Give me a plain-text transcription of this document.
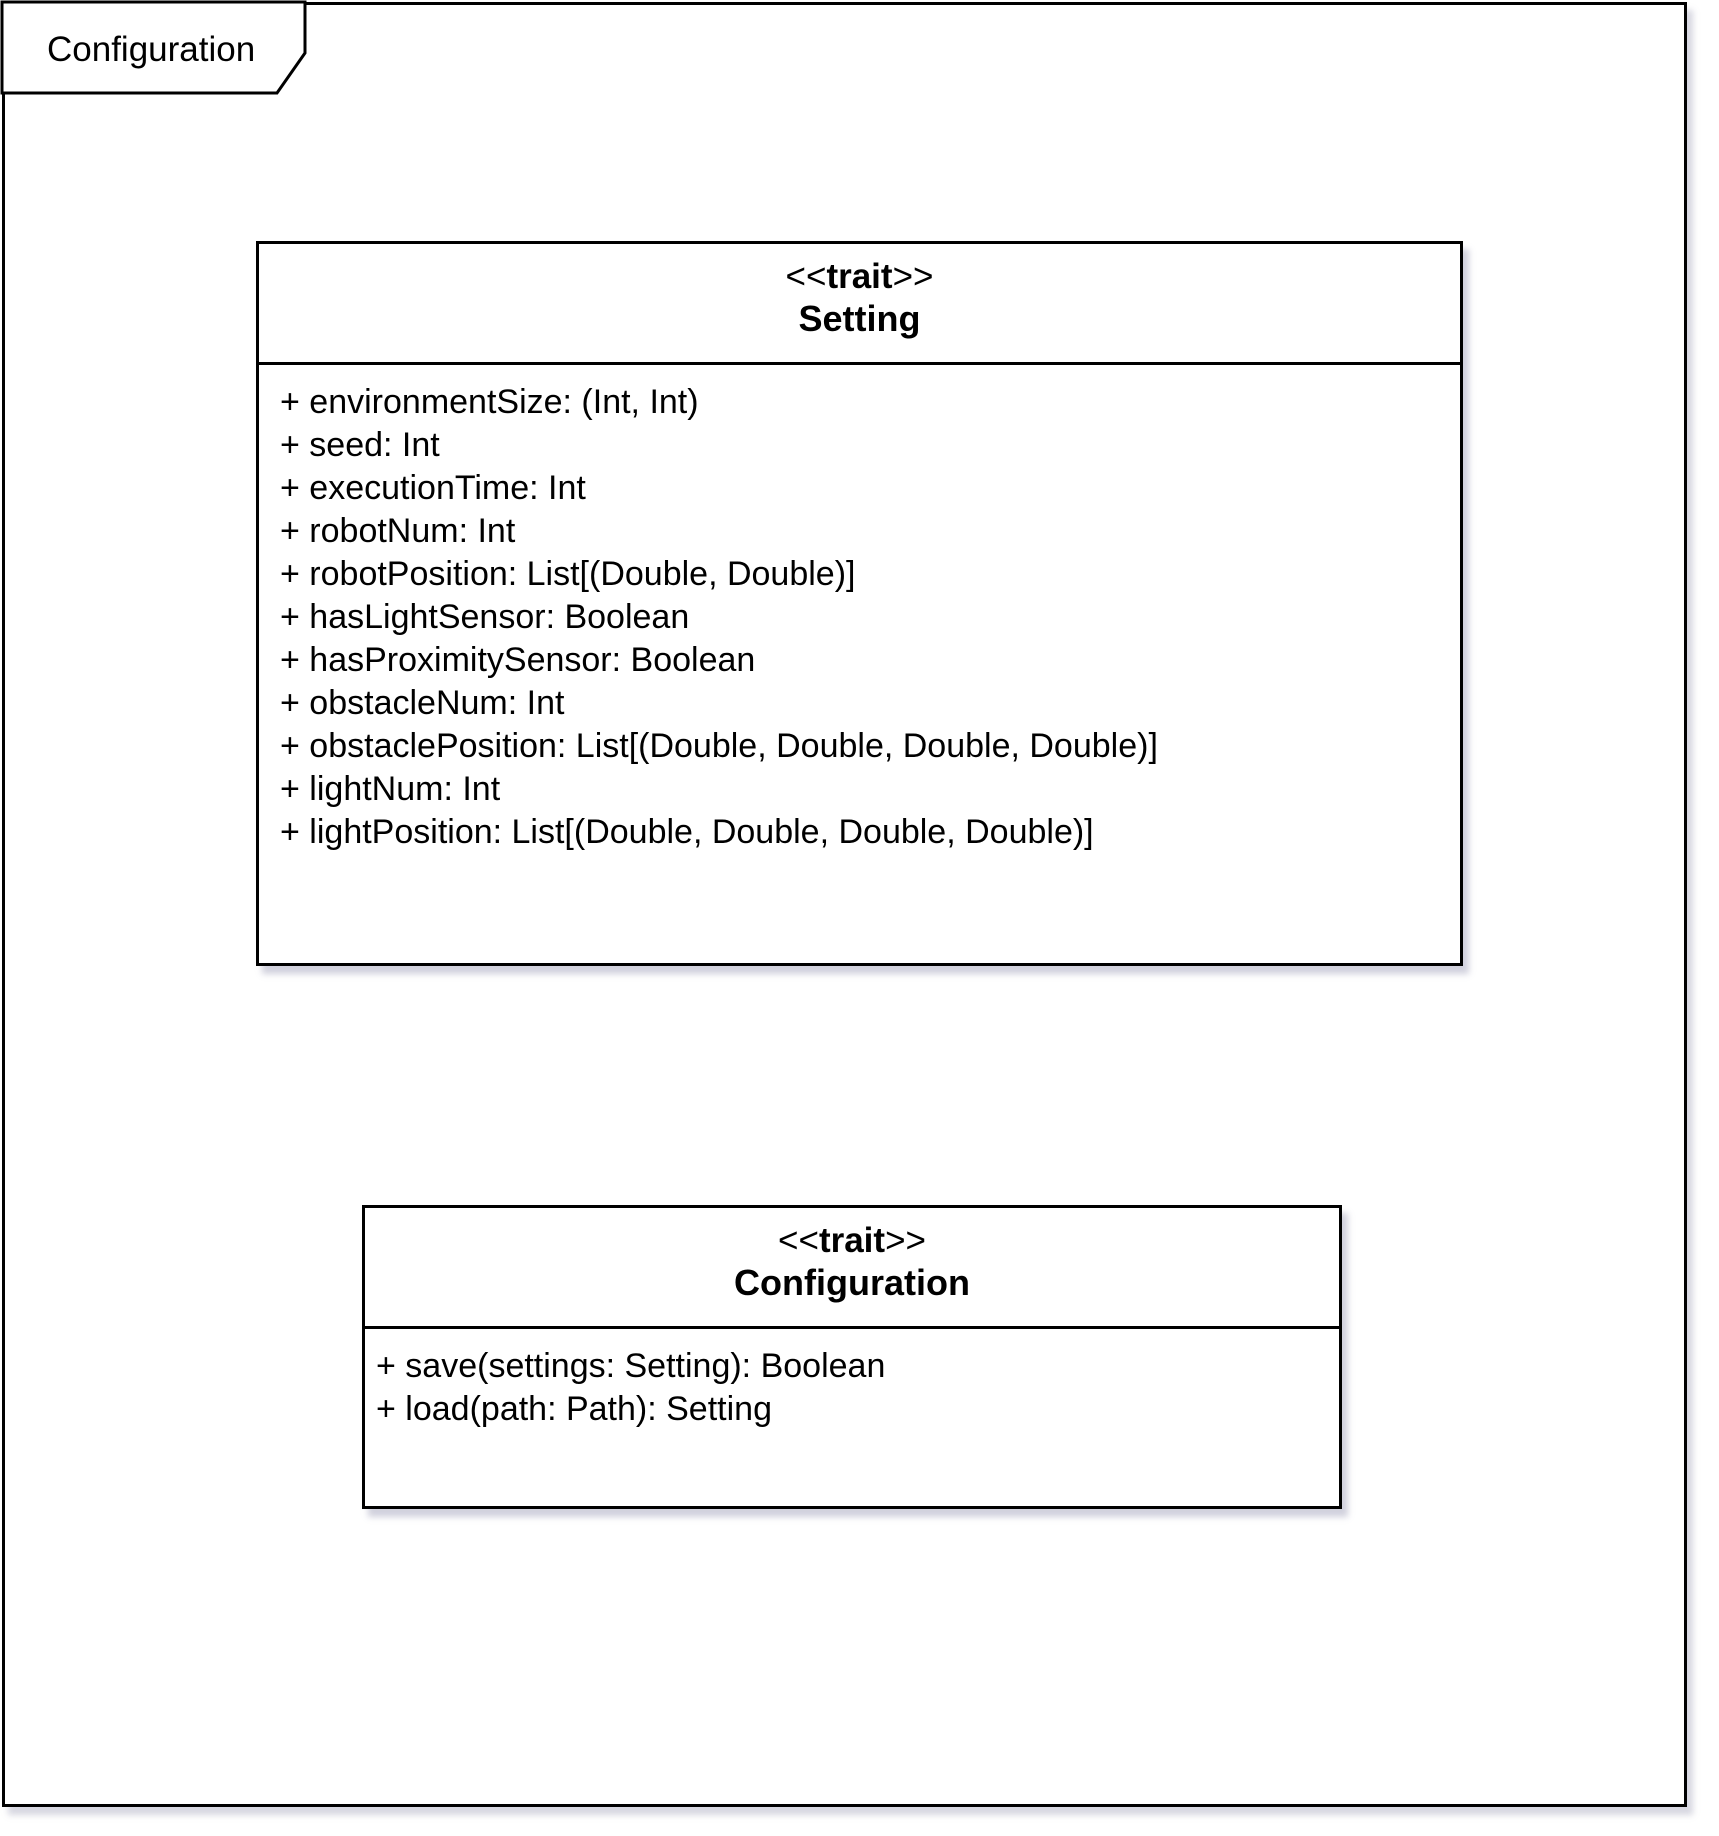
Configuration
<<trait>>
Setting
+ environmentSize: (Int, Int)
+ seed: Int
+ executionTime: Int
+ robotNum: Int
+ robotPosition: List[(Double, Double)]
+ hasLightSensor: Boolean
+ hasProximitySensor: Boolean
+ obstacleNum: Int
+ obstaclePosition: List[(Double, Double, Double, Double)]
+ lightNum: Int
+ lightPosition: List[(Double, Double, Double, Double)]
<<trait>>
Configuration
+ save(settings: Setting): Boolean
+ load(path: Path): Setting
